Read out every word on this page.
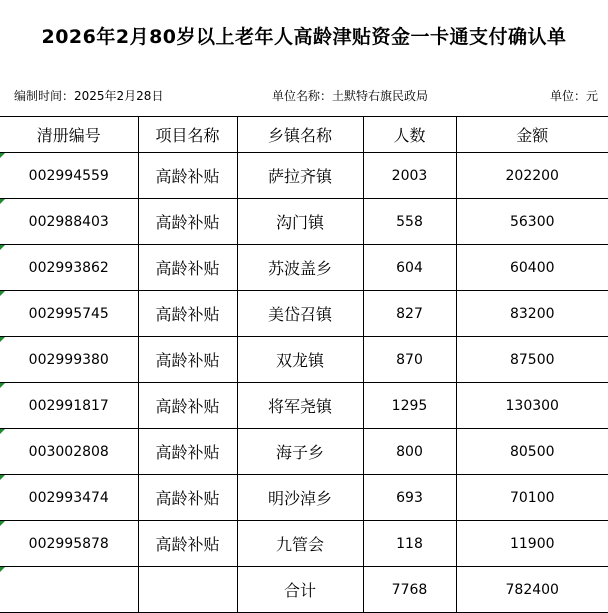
2026年2月80岁以上老年人高龄津贴资金一卡通支付确认单
编制时间：2025年2月28日	单位名称：土默特右旗民政局	单位：元
清册编号	项目名称	乡镇名称	人数	金额

002994559	高龄补贴	萨拉齐镇	2003	202200

002988403	高龄补贴	沟门镇	558	56300

002993862	高龄补贴	苏波盖乡	604	60400

002995745	高龄补贴	美岱召镇	827	83200

002999380	高龄补贴	双龙镇	870	87500

002991817	高龄补贴	将军尧镇	1295	130300

003002808	高龄补贴	海子乡	800	80500

002993474	高龄补贴	明沙淖乡	693	70100

002995878	高龄补贴	九管会	118	11900

		合计	7768	782400
